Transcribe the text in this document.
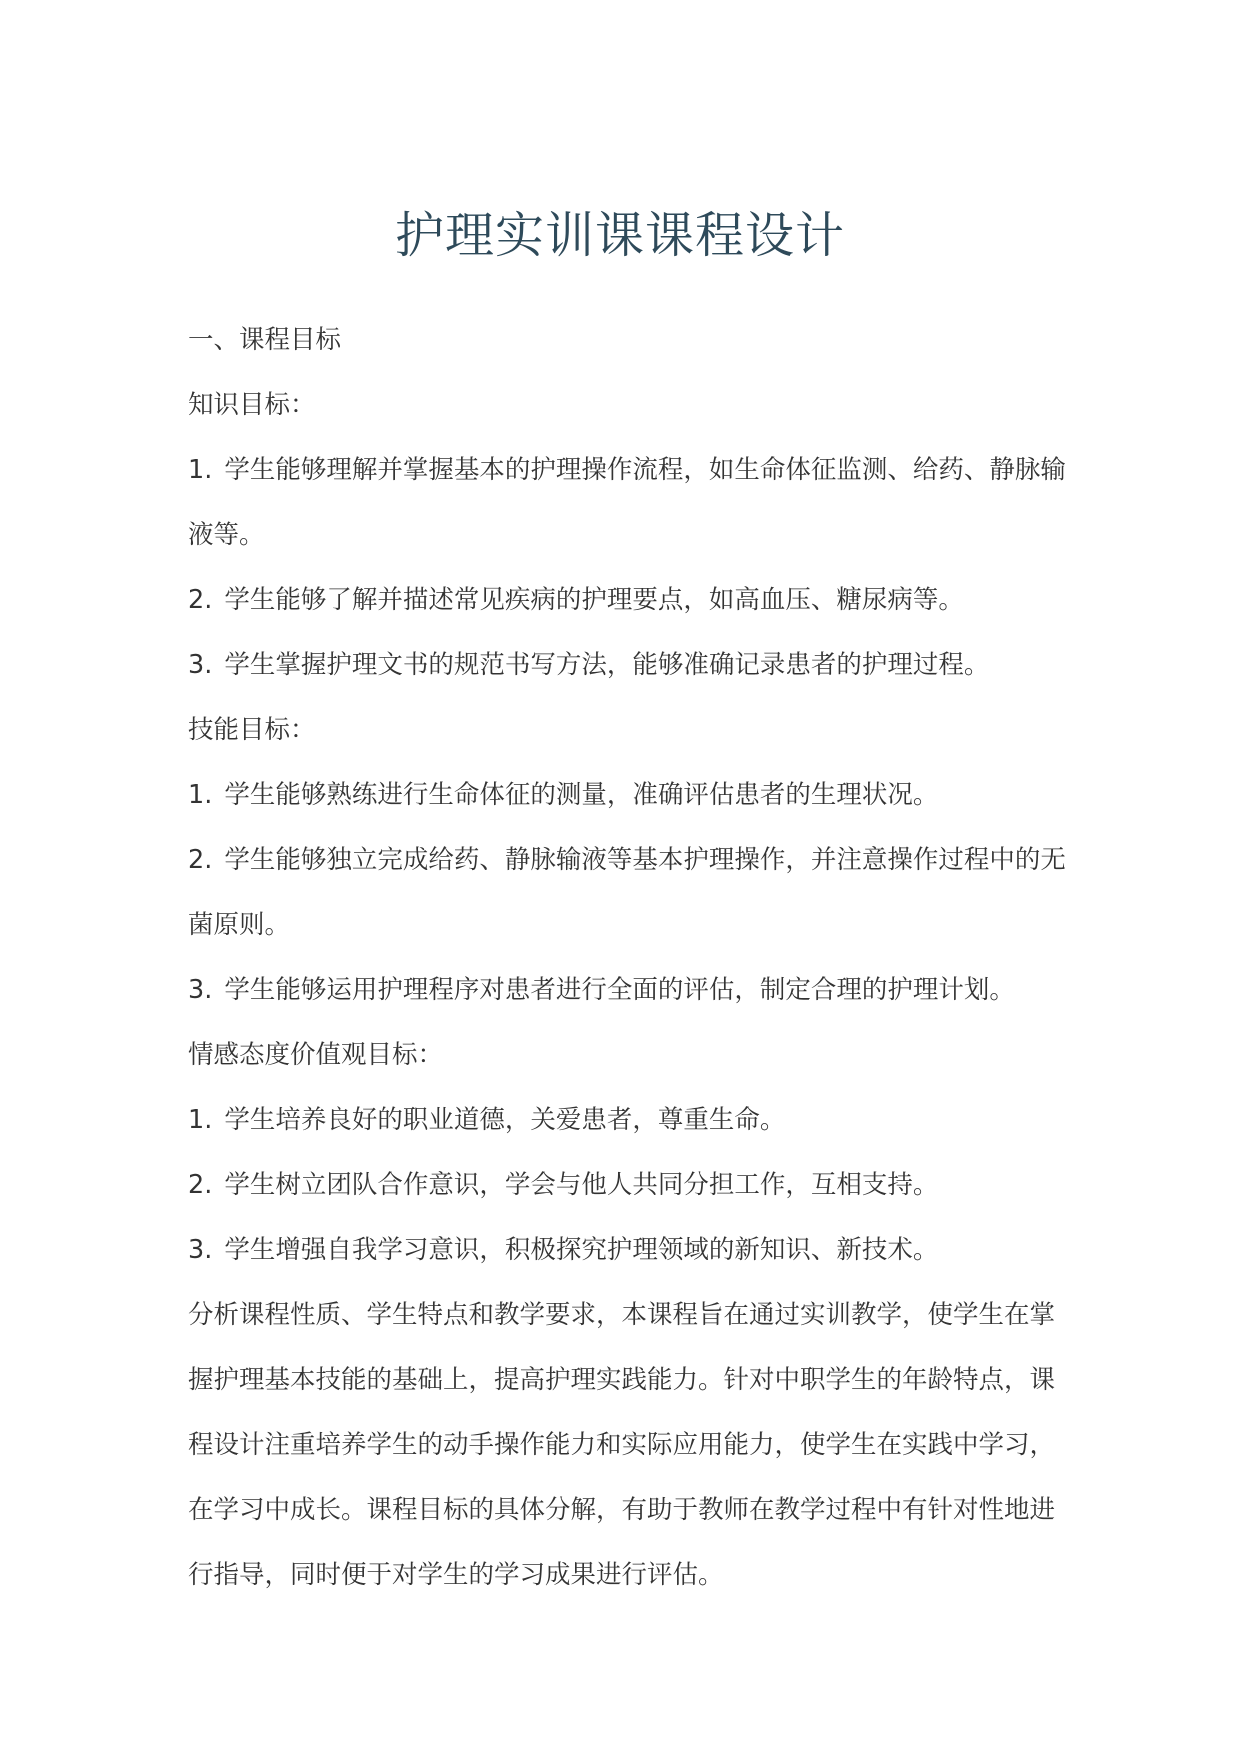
护理实训课课程设计
一、课程目标
知识目标：
1. 学生能够理解并掌握基本的护理操作流程，如生命体征监测、给药、静脉输
液等。
2. 学生能够了解并描述常见疾病的护理要点，如高血压、糖尿病等。
3. 学生掌握护理文书的规范书写方法，能够准确记录患者的护理过程。
技能目标：
1. 学生能够熟练进行生命体征的测量，准确评估患者的生理状况。
2. 学生能够独立完成给药、静脉输液等基本护理操作，并注意操作过程中的无
菌原则。
3. 学生能够运用护理程序对患者进行全面的评估，制定合理的护理计划。
情感态度价值观目标：
1. 学生培养良好的职业道德，关爱患者，尊重生命。
2. 学生树立团队合作意识，学会与他人共同分担工作，互相支持。
3. 学生增强自我学习意识，积极探究护理领域的新知识、新技术。
分析课程性质、学生特点和教学要求，本课程旨在通过实训教学，使学生在掌
握护理基本技能的基础上，提高护理实践能力。针对中职学生的年龄特点，课
程设计注重培养学生的动手操作能力和实际应用能力，使学生在实践中学习，
在学习中成长。课程目标的具体分解，有助于教师在教学过程中有针对性地进
行指导，同时便于对学生的学习成果进行评估。
